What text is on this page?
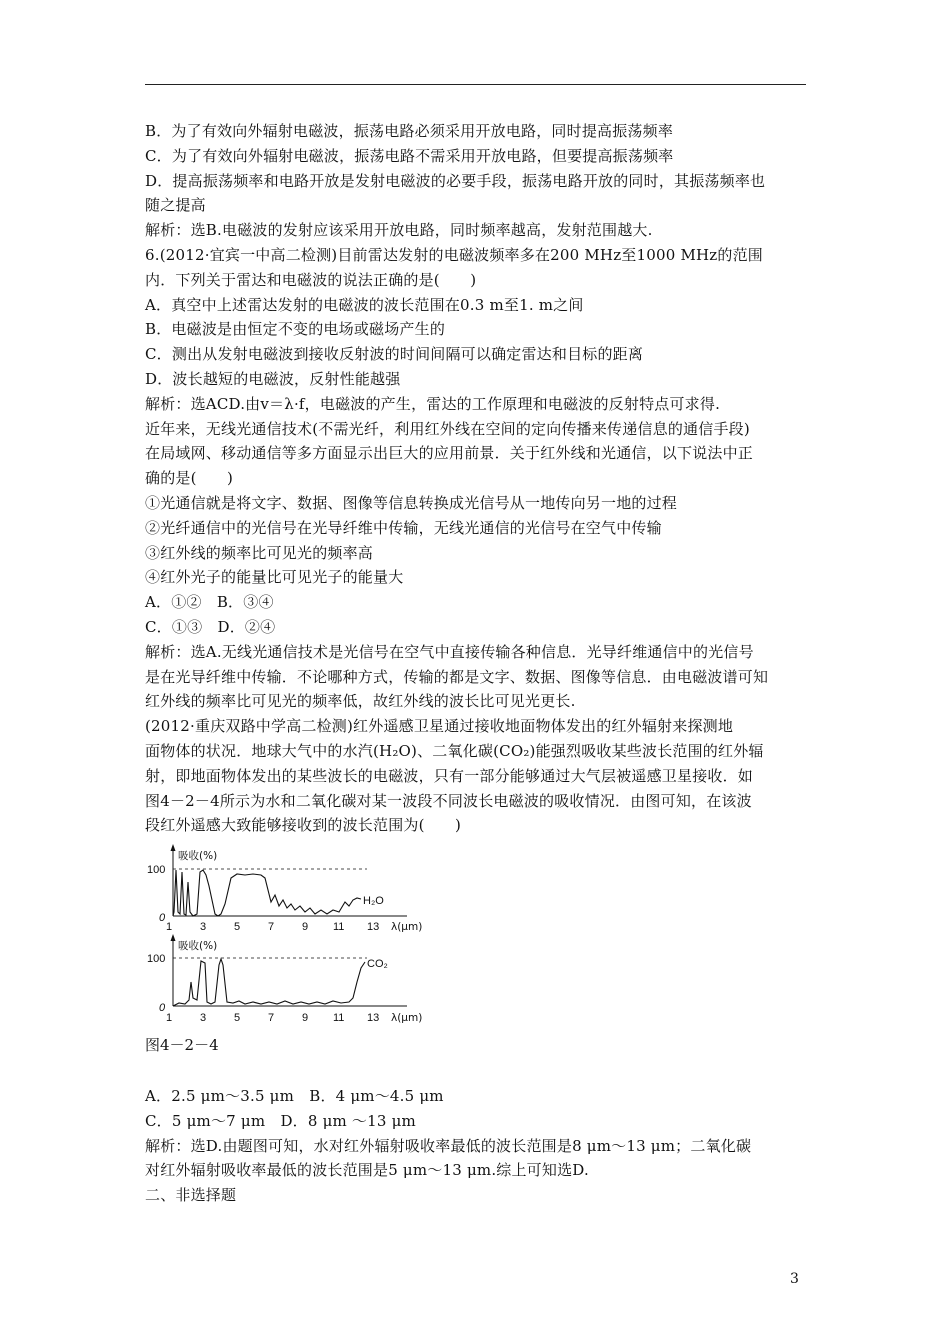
B．为了有效向外辐射电磁波，振荡电路必须采用开放电路，同时提高振荡频率
C．为了有效向外辐射电磁波，振荡电路不需采用开放电路，但要提高振荡频率
D．提高振荡频率和电路开放是发射电磁波的必要手段，振荡电路开放的同时，其振荡频率也
随之提高
解析：选B.电磁波的发射应该采用开放电路，同时频率越高，发射范围越大.
6.(2012·宜宾一中高二检测)目前雷达发射的电磁波频率多在200 MHz至1000 MHz的范围
内．下列关于雷达和电磁波的说法正确的是(　　)
A．真空中上述雷达发射的电磁波的波长范围在0.3 m至1. m之间
B．电磁波是由恒定不变的电场或磁场产生的
C．测出从发射电磁波到接收反射波的时间间隔可以确定雷达和目标的距离
D．波长越短的电磁波，反射性能越强
解析：选ACD.由v＝λ·f，电磁波的产生，雷达的工作原理和电磁波的反射特点可求得.
近年来，无线光通信技术(不需光纤，利用红外线在空间的定向传播来传递信息的通信手段)
在局域网、移动通信等多方面显示出巨大的应用前景．关于红外线和光通信，以下说法中正
确的是(　　)
①光通信就是将文字、数据、图像等信息转换成光信号从一地传向另一地的过程
②光纤通信中的光信号在光导纤维中传输，无线光通信的光信号在空气中传输
③红外线的频率比可见光的频率高
④红外光子的能量比可见光子的能量大
A．①②　B．③④
C．①③　D．②④
解析：选A.无线光通信技术是光信号在空气中直接传输各种信息．光导纤维通信中的光信号
是在光导纤维中传输．不论哪种方式，传输的都是文字、数据、图像等信息．由电磁波谱可知
红外线的频率比可见光的频率低，故红外线的波长比可见光更长.
(2012·重庆双路中学高二检测)红外遥感卫星通过接收地面物体发出的红外辐射来探测地
面物体的状况．地球大气中的水汽(H₂O)、二氧化碳(CO₂)能强烈吸收某些波长范围的红外辐
射，即地面物体发出的某些波长的电磁波，只有一部分能够通过大气层被遥感卫星接收．如
图4－2－4所示为水和二氧化碳对某一波段不同波长电磁波的吸收情况．由图可知，在该波
段红外遥感大致能够接收到的波长范围为(　　)
吸收(%)
100
0
H₂O
1	3	5	7	9 11 13 λ(μm)
吸收(%)
100
0
CO₂
1	3	5	7	9 11 13 λ(μm)
图4－2－4
A．2.5 μm～3.5 μm　B．4 μm～4.5 μm
C．5 μm～7 μm　D．8 μm ～13 μm
解析：选D.由题图可知，水对红外辐射吸收率最低的波长范围是8 μm～13 μm；二氧化碳
对红外辐射吸收率最低的波长范围是5 μm～13 μm.综上可知选D.
二、非选择题
3
